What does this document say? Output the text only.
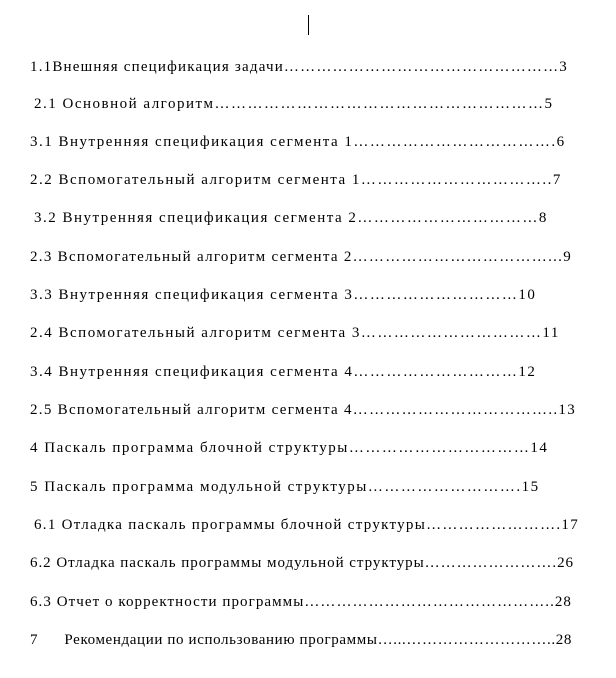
1.1Внешняя спецификация задачи……………………………………………3
2.1 Основной алгоритм……………………………………………………5
3.1 Внутренняя спецификация сегмента 1……………………………….6
2.2 Вспомогательный алгоритм сегмента 1……………………………..7
3.2 Внутренняя спецификация сегмента 2……………………………8
2.3 Вспомогательный алгоритм сегмента 2………………………………...9
3.3 Внутренняя спецификация сегмента 3…………………………10
2.4 Вспомогательный алгоритм сегмента 3……………………………11
3.4 Внутренняя спецификация сегмента 4…………………………12
2.5 Вспомогательный алгоритм сегмента 4………………………………..13
4 Паскаль программа блочной структуры……………………………14
5 Паскаль программа модульной структуры……………………….15
6.1 Отладка паскаль программы блочной структуры…………………….17
6.2 Отладка паскаль программы модульной структуры…………………….26
6.3 Отчет о корректности программы………………………………………..28
7      Рекомендации по использованию программы…...………………………..28
